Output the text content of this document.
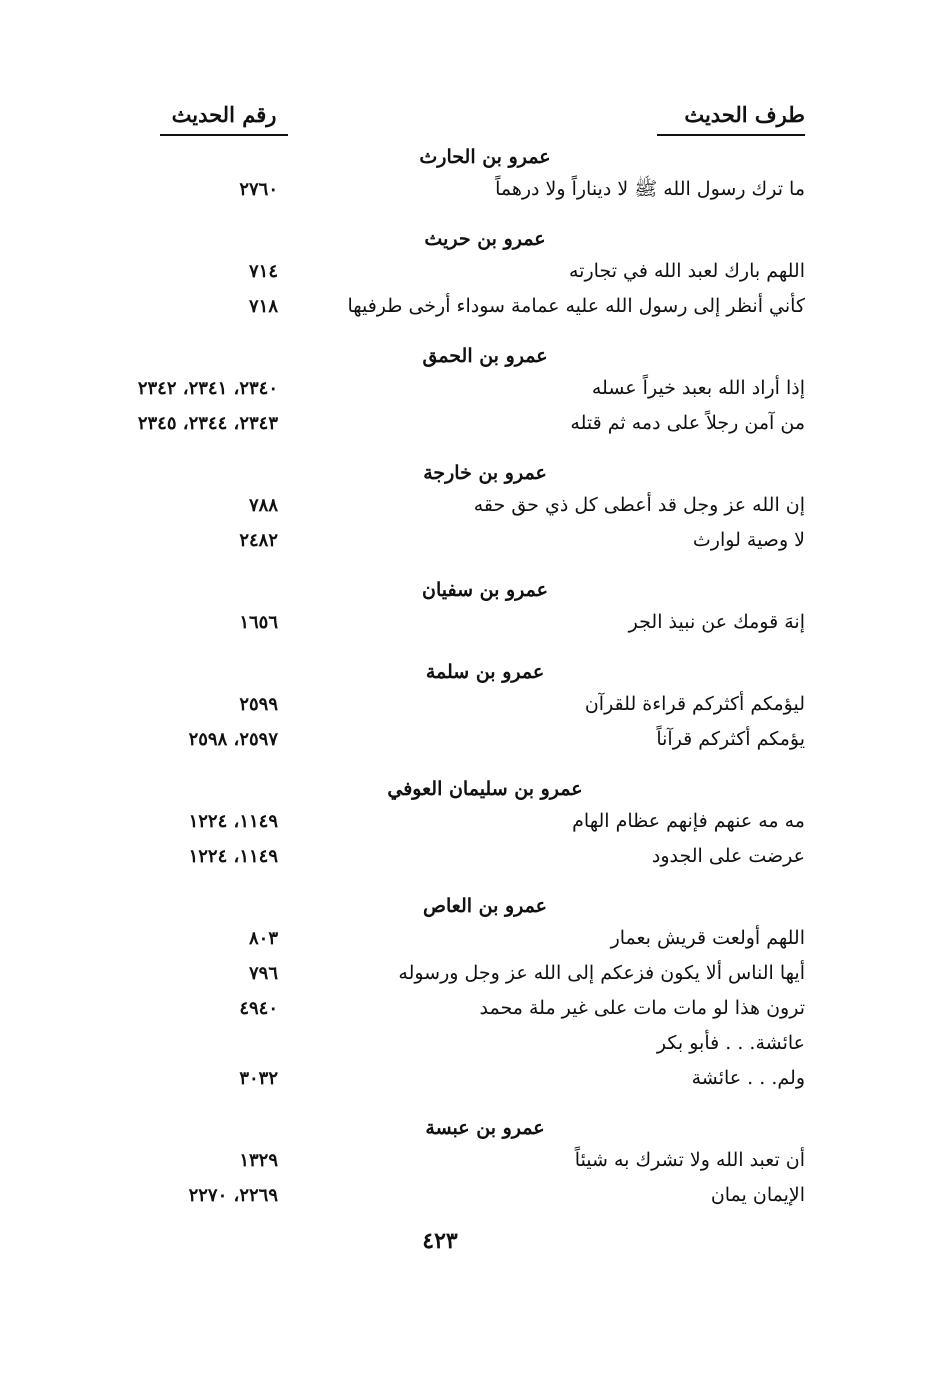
طرف الحديث
رقم الحديث
عمرو بن الحارث
ما ترك رسول الله ﷺ لا ديناراً ولا درهماً
٢٧٦٠
عمرو بن حريث
اللهم بارك لعبد الله في تجارته
٧١٤
كأني أنظر إلى رسول الله عليه عمامة سوداء أرخى طرفيها
٧١٨
عمرو بن الحمق
إذا أراد الله بعبد خيراً عسله
٢٣٤٠، ٢٣٤١، ٢٣٤٢
من آمن رجلاً على دمه ثم قتله
٢٣٤٣، ٢٣٤٤، ٢٣٤٥
عمرو بن خارجة
إن الله عز وجل قد أعطى كل ذي حق حقه
٧٨٨
لا وصية لوارث
٢٤٨٢
عمرو بن سفيان
إنهَ قومك عن نبيذ الجر
١٦٥٦
عمرو بن سلمة
ليؤمكم أكثركم قراءة للقرآن
٢٥٩٩
يؤمكم أكثركم قرآناً
٢٥٩٧، ٢٥٩٨
عمرو بن سليمان العوفي
مه مه عنهم فإنهم عظام الهام
١١٤٩، ١٢٢٤
عرضت على الجدود
١١٤٩، ١٢٢٤
عمرو بن العاص
اللهم أولعت قريش بعمار
٨٠٣
أيها الناس ألا يكون فزعكم إلى الله عز وجل ورسوله
٧٩٦
ترون هذا لو مات مات على غير ملة محمد
٤٩٤٠
عائشة. . . فأبو بكر
ولم. . . عائشة
٣٠٣٢
عمرو بن عبسة
أن تعبد الله ولا تشرك به شيئاً
١٣٢٩
الإيمان يمان
٢٢٦٩، ٢٢٧٠
٤٢٣
